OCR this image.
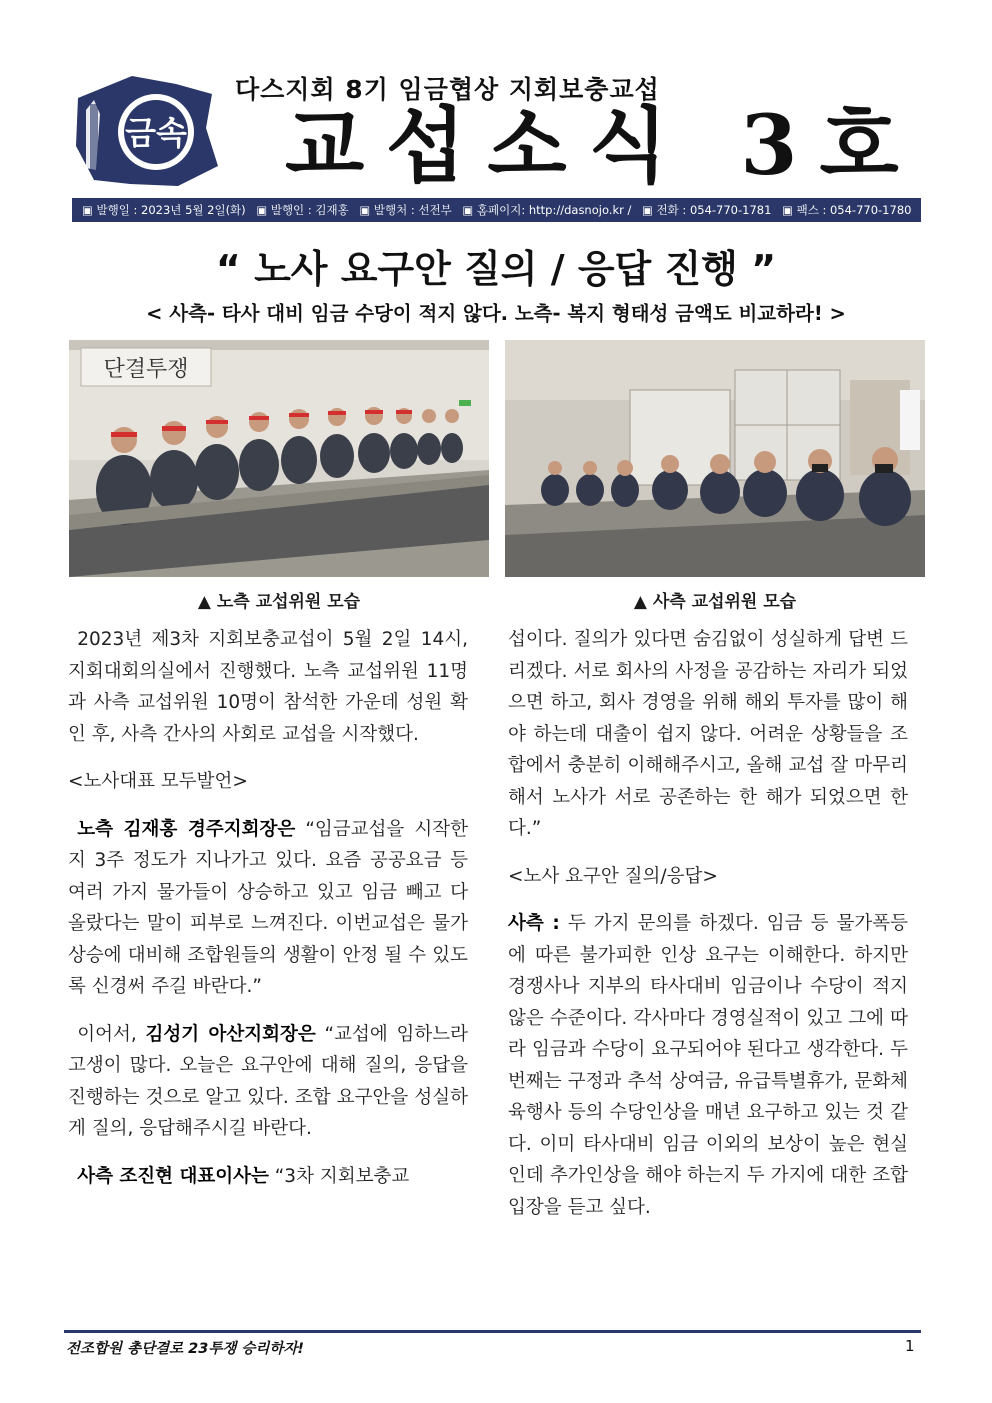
금속
다스지회 8기 임금협상 지회보충교섭
교섭소식 3호
▣ 발행일 : 2023년 5월 2일(화) ▣ 발행인 : 김재홍 ▣ 발행처 : 선전부 ▣ 홈페이지: http://dasnojo.kr / ▣ 전화 : 054-770-1781 ▣ 팩스 : 054-770-1780
“ 노사 요구안 질의 / 응답 진행 ”
< 사측- 타사 대비 임금 수당이 적지 않다. 노측- 복지 형태성 금액도 비교하라! >
단결투쟁
▲ 노측 교섭위원 모습	▲ 사측 교섭위원 모습

2023년 제3차 지회보충교섭이 5월 2일 14시, 지회대회의실에서 진행했다. 노측 교섭위원 11명과 사측 교섭위원 10명이 참석한 가운데 성원 확인 후, 사측 간사의 사회로 교섭을 시작했다.

<노사대표 모두발언>

노측 김재홍 경주지회장은 “임금교섭을 시작한지 3주 정도가 지나가고 있다. 요즘 공공요금 등 여러 가지 물가들이 상승하고 있고 임금 빼고 다 올랐다는 말이 피부로 느껴진다. 이번교섭은 물가상승에 대비해 조합원들의 생활이 안정 될 수 있도록 신경써 주길 바란다.”

이어서, 김성기 아산지회장은 “교섭에 임하느라 고생이 많다. 오늘은 요구안에 대해 질의, 응답을 진행하는 것으로 알고 있다. 조합 요구안을 성실하게 질의, 응답해주시길 바란다.

사측 조진현 대표이사는 “3차 지회보충교

섭이다. 질의가 있다면 숨김없이 성실하게 답변 드리겠다. 서로 회사의 사정을 공감하는 자리가 되었으면 하고, 회사 경영을 위해 해외 투자를 많이 해야 하는데 대출이 쉽지 않다. 어려운 상황들을 조합에서 충분히 이해해주시고, 올해 교섭 잘 마무리해서 노사가 서로 공존하는 한 해가 되었으면 한다.”

<노사 요구안 질의/응답>

사측 : 두 가지 문의를 하겠다. 임금 등 물가폭등에 따른 불가피한 인상 요구는 이해한다. 하지만 경쟁사나 지부의 타사대비 임금이나 수당이 적지 않은 수준이다. 각사마다 경영실적이 있고 그에 따라 임금과 수당이 요구되어야 된다고 생각한다. 두 번째는 구정과 추석 상여금, 유급특별휴가, 문화체육행사 등의 수당인상을 매년 요구하고 있는 것 같다. 이미 타사대비 임금 이외의 보상이 높은 현실인데 추가인상을 해야 하는지 두 가지에 대한 조합입장을 듣고 싶다.

전조합원 총단결로 23투쟁 승리하자!	1
